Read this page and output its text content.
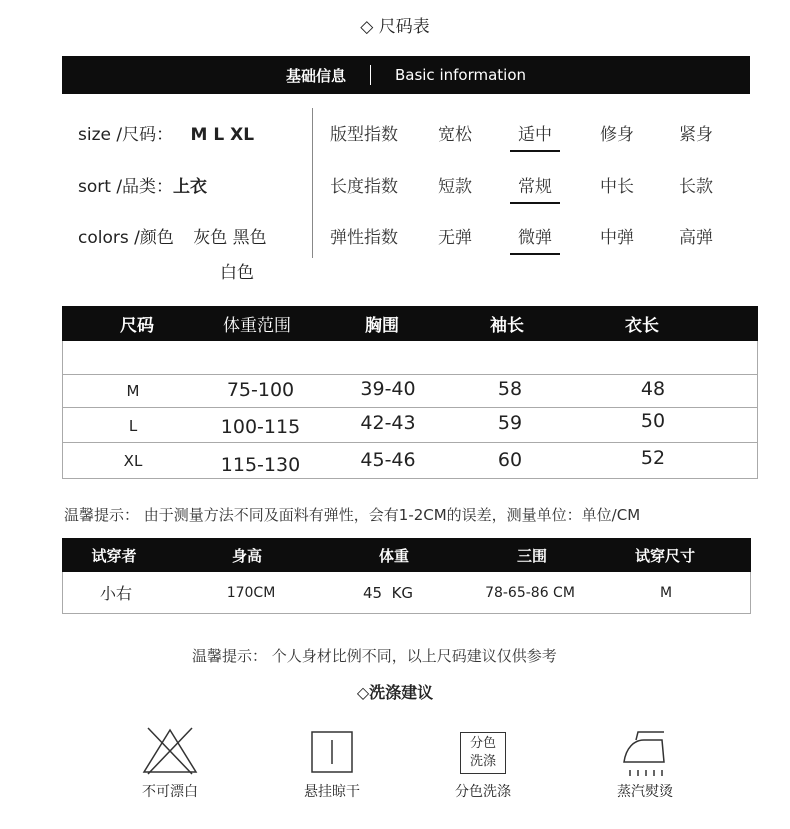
◇ 尺码表
基础信息	Basic information
size /尺码： M L XL
sort /品类：上衣
colors /颜色 灰色 黑色
白色
版型指数	宽松	适中	修身	紧身
长度指数	短款	常规	中长	长款
弹性指数	无弹	微弹	中弹	高弹
尺码	体重范围	胸围	袖长	衣长
M	75-100	39-40	58	48
L	100-115	42-43	59	50
XL	115-130	45-46	60	52
温馨提示： 由于测量方法不同及面料有弹性，会有1-2CM的误差，测量单位：单位/CM
试穿者	身高	体重	三围	试穿尺寸
小右	170CM	45  KG	78-65-86 CM	M
温馨提示： 个人身材比例不同，以上尺码建议仅供参考
◇洗涤建议
不可漂白	悬挂晾干
分色
洗涤
分色洗涤	蒸汽熨烫
